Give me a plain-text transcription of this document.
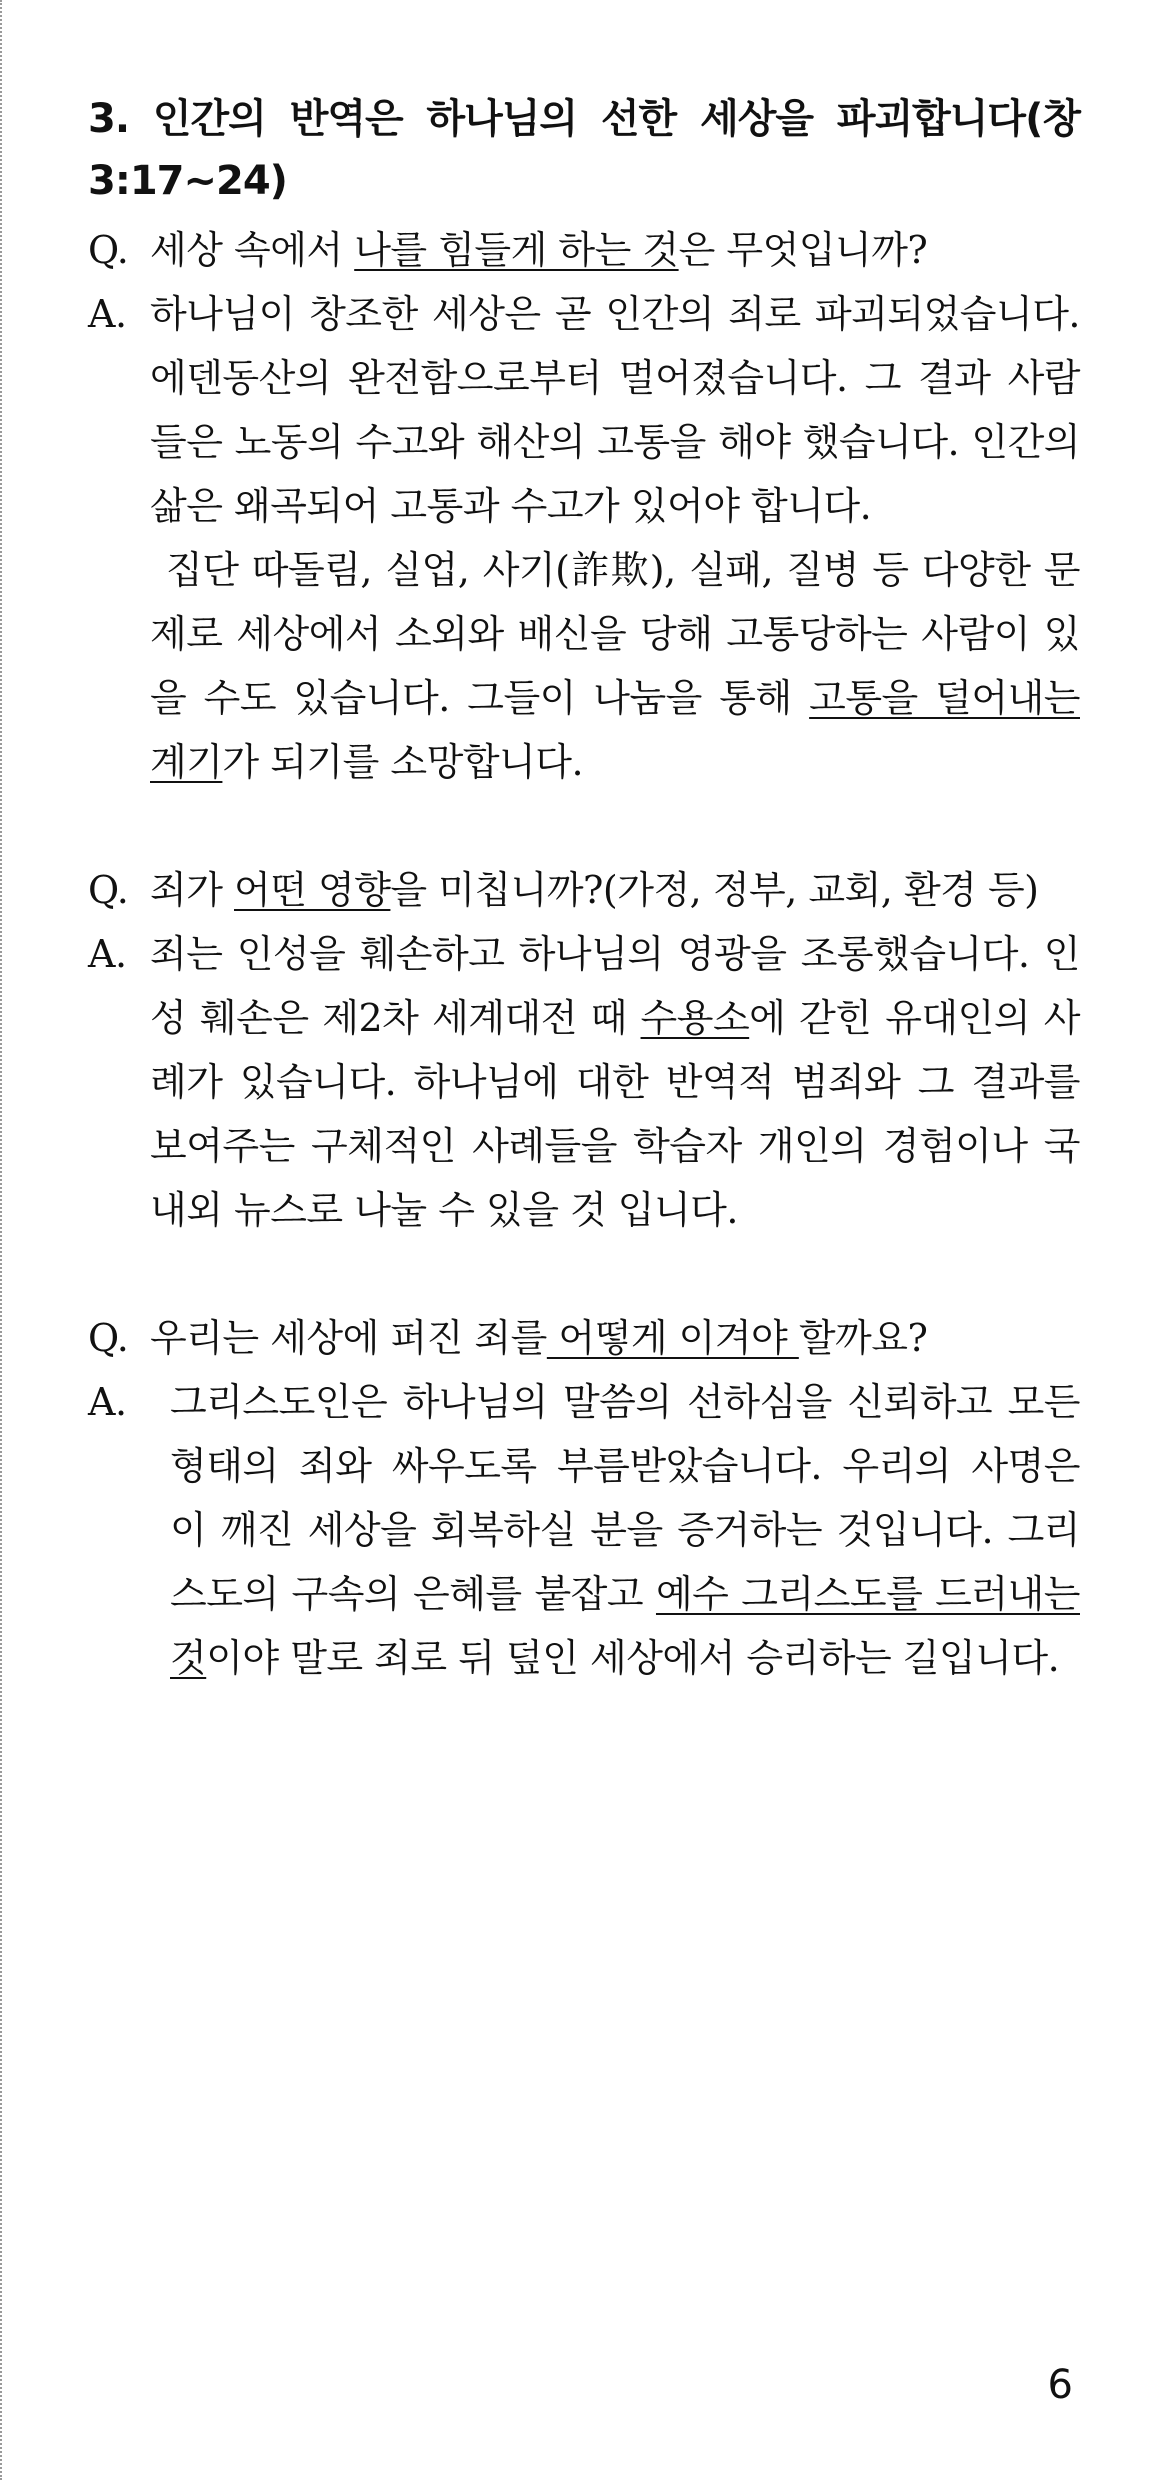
3. 인간의 반역은 하나님의 선한 세상을 파괴합니다(창 3:17~24)
Q. 세상 속에서 나를 힘들게 하는 것은 무엇입니까?
A. 하나님이 창조한 세상은 곧 인간의 죄로 파괴되었습니다. 에덴동산의 완전함으로부터 멀어졌습니다. 그 결과 사람들은 노동의 수고와 해산의 고통을 해야 했습니다. 인간의 삶은 왜곡되어 고통과 수고가 있어야 합니다.

집단 따돌림, 실업, 사기(詐欺), 실패, 질병 등 다양한 문제로 세상에서 소외와 배신을 당해 고통당하는 사람이 있을 수도 있습니다. 그들이 나눔을 통해 고통을 덜어내는 계기가 되기를 소망합니다.

Q. 죄가 어떤 영향을 미칩니까?(가정, 정부, 교회, 환경 등)
A. 죄는 인성을 훼손하고 하나님의 영광을 조롱했습니다. 인성 훼손은 제2차 세계대전 때 수용소에 갇힌 유대인의 사례가 있습니다. 하나님에 대한 반역적 범죄와 그 결과를 보여주는 구체적인 사례들을 학습자 개인의 경험이나 국내외 뉴스로 나눌 수 있을 것 입니다.
Q. 우리는 세상에 퍼진 죄를 어떻게 이겨야 할까요?
A.	그리스도인은 하나님의 말씀의 선하심을 신뢰하고 모든 형태의 죄와 싸우도록 부름받았습니다. 우리의 사명은 이 깨진 세상을 회복하실 분을 증거하는 것입니다. 그리스도의 구속의 은혜를 붙잡고 예수 그리스도를 드러내는 것이야 말로 죄로 뒤 덮인 세상에서 승리하는 길입니다.
6
